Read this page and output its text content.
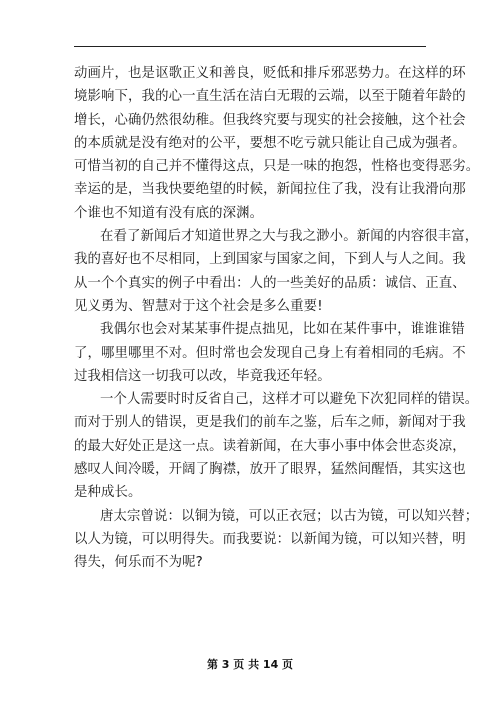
动画片，也是讴歌正义和善良，贬低和排斥邪恶势力。在这样的环
境影响下，我的心一直生活在洁白无瑕的云端，以至于随着年龄的
增长，心确仍然很幼稚。但我终究要与现实的社会接触，这个社会
的本质就是没有绝对的公平，要想不吃亏就只能让自己成为强者。
可惜当初的自己并不懂得这点，只是一味的抱怨，性格也变得恶劣。
幸运的是，当我快要绝望的时候，新闻拉住了我，没有让我滑向那
个谁也不知道有没有底的深渊。
在看了新闻后才知道世界之大与我之渺小。新闻的内容很丰富，
我的喜好也不尽相同，上到国家与国家之间，下到人与人之间。我
从一个个真实的例子中看出：人的一些美好的品质：诚信、正直、
见义勇为、智慧对于这个社会是多么重要!
我偶尔也会对某某事件提点拙见，比如在某件事中，谁谁谁错
了，哪里哪里不对。但时常也会发现自己身上有着相同的毛病。不
过我相信这一切我可以改，毕竟我还年轻。
一个人需要时时反省自己，这样才可以避免下次犯同样的错误。
而对于别人的错误，更是我们的前车之鉴，后车之师，新闻对于我
的最大好处正是这一点。读着新闻，在大事小事中体会世态炎凉，
感叹人间冷暖，开阔了胸襟，放开了眼界，猛然间醒悟，其实这也
是种成长。
唐太宗曾说：以铜为镜，可以正衣冠；以古为镜，可以知兴替；
以人为镜，可以明得失。而我要说：以新闻为镜，可以知兴替，明
得失，何乐而不为呢?
第 3 页 共 14 页
